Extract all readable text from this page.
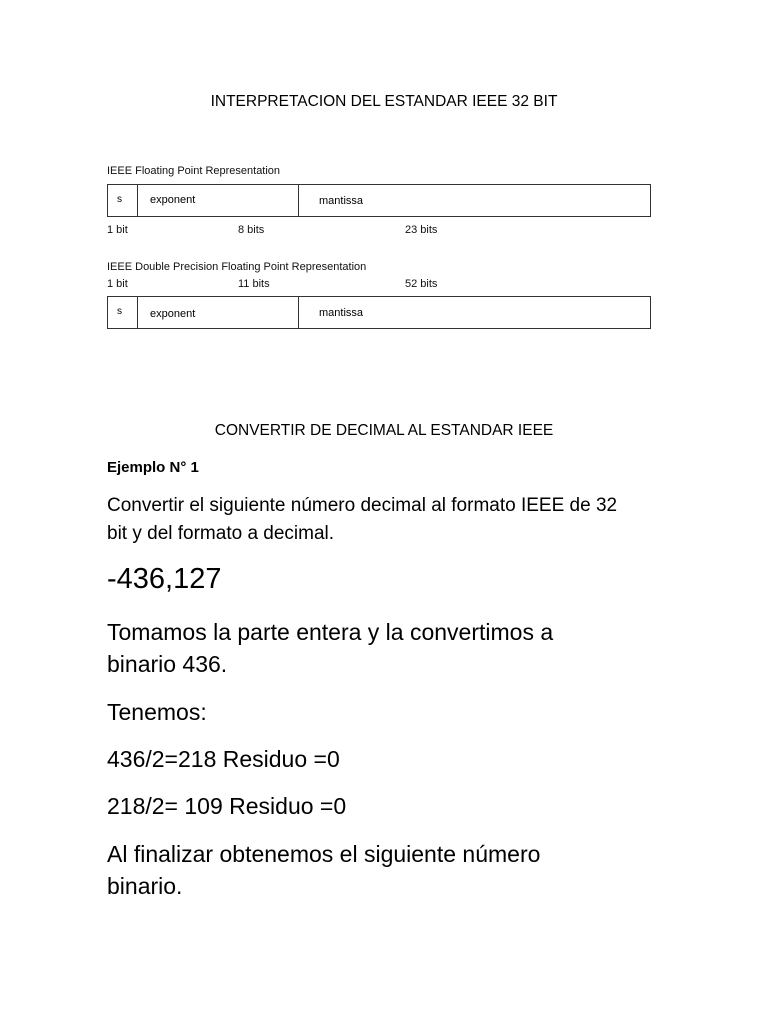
INTERPRETACION DEL ESTANDAR IEEE 32 BIT
IEEE Floating Point Representation
s	exponent	mantissa
1 bit	8 bits	23 bits
IEEE Double Precision Floating Point Representation
1 bit	11 bits	52 bits
s	exponent	mantissa
CONVERTIR DE DECIMAL AL ESTANDAR IEEE
Ejemplo N° 1
Convertir el siguiente número decimal al formato IEEE de 32
bit y del formato a decimal.
-436,127
Tomamos la parte entera y la convertimos a
binario 436.
Tenemos:
436/2=218 Residuo =0
218/2= 109 Residuo =0
Al finalizar obtenemos el siguiente número
binario.
